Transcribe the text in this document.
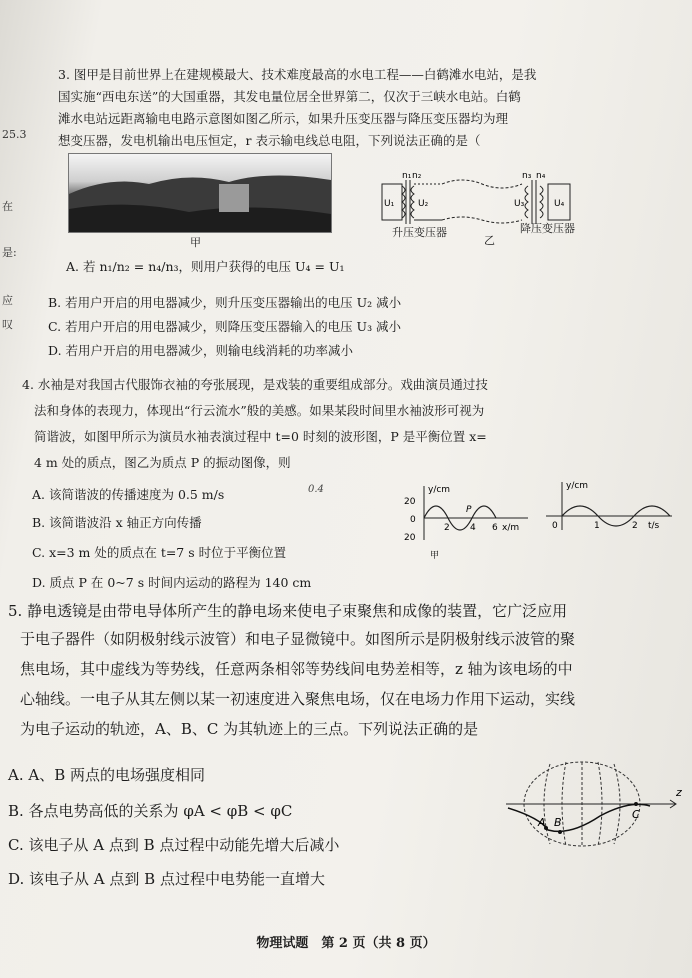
25.3
在
是:
应
叹
3. 图甲是目前世界上在建规模最大、技术难度最高的水电工程——白鹤滩水电站，是我
国实施“西电东送”的大国重器，其发电量位居全世界第二，仅次于三峡水电站。白鹤
滩水电站远距离输电电路示意图如图乙所示，如果升压变压器与降压变压器均为理
想变压器，发电机输出电压恒定，r 表示输电线总电阻，下列说法正确的是（
甲
n₁ n₂
U₁	U₂
n₃ n₄
U₃	U₄
升压变压器
乙
降压变压器
A. 若 n₁/n₂ = n₄/n₃，则用户获得的电压 U₄ = U₁
B. 若用户开启的用电器减少，则升压变压器输出的电压 U₂ 减小
C. 若用户开启的用电器减少，则降压变压器输入的电压 U₃ 减小
D. 若用户开启的用电器减少，则输电线消耗的功率减小
4. 水袖是对我国古代服饰衣袖的夸张展现，是戏装的重要组成部分。戏曲演员通过技
法和身体的表现力，体现出“行云流水”般的美感。如果某段时间里水袖波形可视为
简谐波，如图甲所示为演员水袖表演过程中 t=0 时刻的波形图，P 是平衡位置 x=
4 m 处的质点，图乙为质点 P 的振动图像，则
A. 该简谐波的传播速度为 0.5 m/s	0.4
B. 该简谐波沿 x 轴正方向传播
C. x=3 m 处的质点在 t=7 s 时位于平衡位置
D. 质点 P 在 0~7 s 时间内运动的路程为 140 cm
y/cm
20
0
20
2 4 6 x/m
P
甲
y/cm
0	1	2 t/s
5. 静电透镜是由带电导体所产生的静电场来使电子束聚焦和成像的装置，它广泛应用
于电子器件（如阴极射线示波管）和电子显微镜中。如图所示是阴极射线示波管的聚
焦电场，其中虚线为等势线，任意两条相邻等势线间电势差相等，z 轴为该电场的中
心轴线。一电子从其左侧以某一初速度进入聚焦电场，仅在电场力作用下运动，实线
为电子运动的轨迹，A、B、C 为其轨迹上的三点。下列说法正确的是
A. A、B 两点的电场强度相同
B. 各点电势高低的关系为 φA < φB < φC
C. 该电子从 A 点到 B 点过程中动能先增大后减小
D. 该电子从 A 点到 B 点过程中电势能一直增大
A B
C
z
物理试题　第 2 页（共 8 页）
